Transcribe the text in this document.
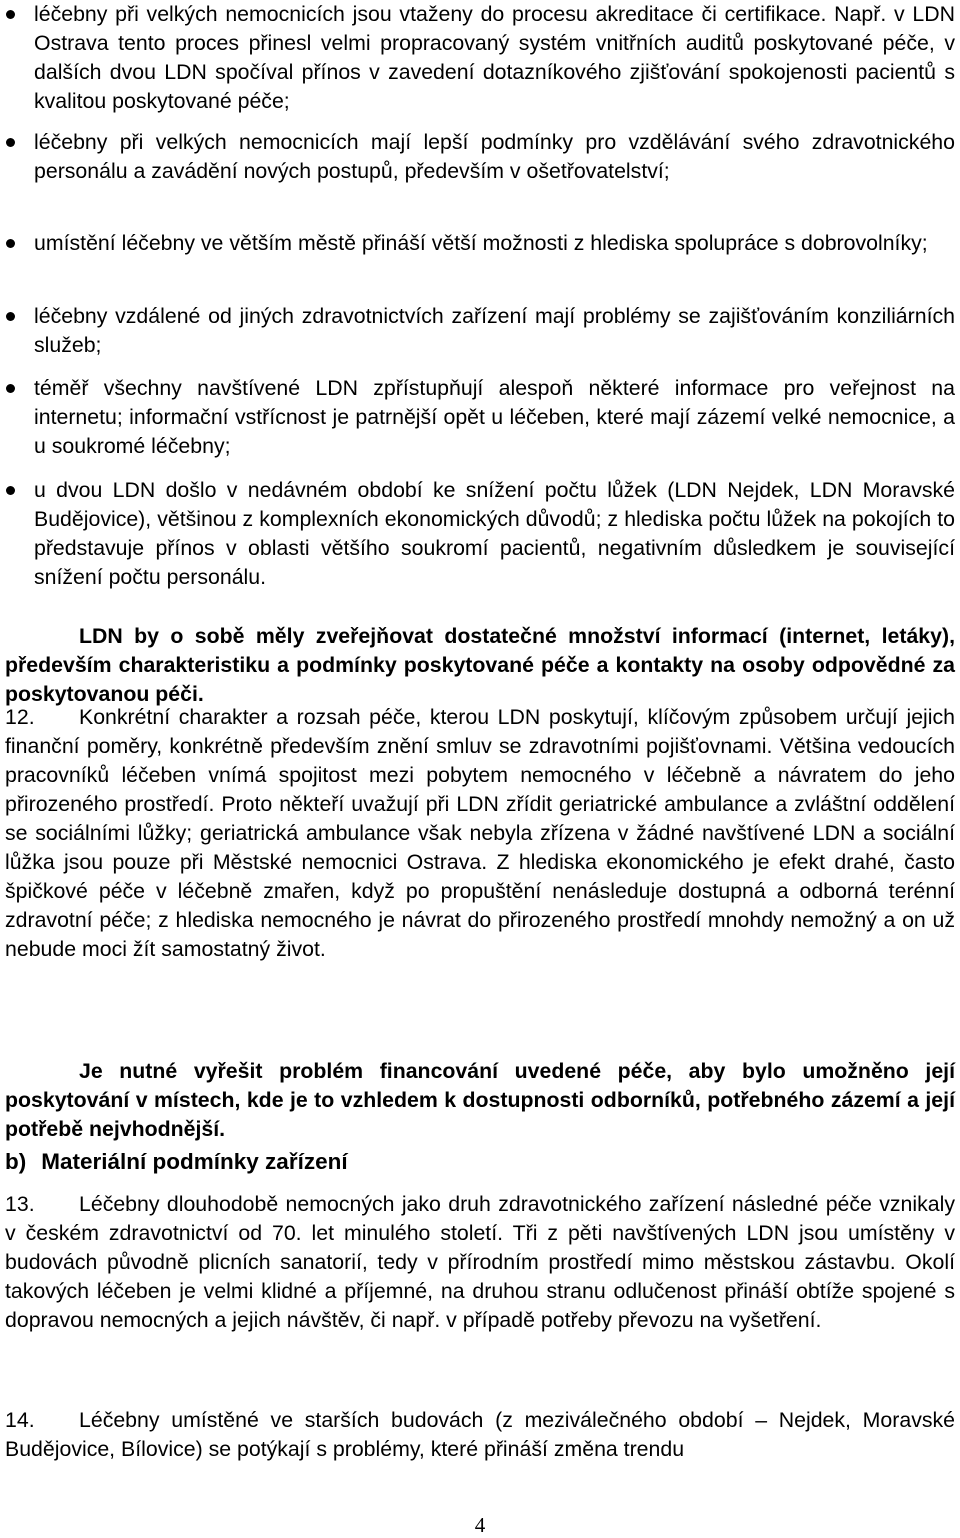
léčebny při velkých nemocnicích jsou vtaženy do procesu akreditace či certifikace. Např. v LDN Ostrava tento proces přinesl velmi propracovaný systém vnitřních auditů poskytované péče, v dalších dvou LDN spočíval přínos v zavedení dotazníkového zjišťování spokojenosti pacientů s kvalitou poskytované péče;
léčebny při velkých nemocnicích mají lepší podmínky pro vzdělávání svého zdravotnického personálu a zavádění nových postupů, především v ošetřovatelství;
umístění léčebny ve větším městě přináší větší možnosti z hlediska spolupráce s dobrovolníky;
léčebny vzdálené od jiných zdravotnictvích zařízení mají problémy se zajišťováním konziliárních služeb;
téměř všechny navštívené LDN zpřístupňují alespoň některé informace pro veřejnost na internetu; informační vstřícnost je patrnější opět u léčeben, které mají zázemí velké nemocnice, a u soukromé léčebny;
u dvou LDN došlo v nedávném období ke snížení počtu lůžek (LDN Nejdek, LDN Moravské Budějovice), většinou z komplexních ekonomických důvodů; z hlediska počtu lůžek na pokojích to představuje přínos v oblasti většího soukromí pacientů, negativním důsledkem je související snížení počtu personálu.

LDN by o sobě měly zveřejňovat dostatečné množství informací (internet, letáky), především charakteristiku a podmínky poskytované péče a kontakty na osoby odpovědné za poskytovanou péči.

12.	Konkrétní charakter a rozsah péče, kterou LDN poskytují, klíčovým způsobem určují jejich finanční poměry, konkrétně především znění smluv se zdravotními pojišťovnami. Většina vedoucích pracovníků léčeben vnímá spojitost mezi pobytem nemocného v léčebně a návratem do jeho přirozeného prostředí. Proto někteří uvažují při LDN zřídit geriatrické ambulance a zvláštní oddělení se sociálními lůžky; geriatrická ambulance však nebyla zřízena v žádné navštívené LDN a sociální lůžka jsou pouze při Městské nemocnici Ostrava. Z hlediska ekonomického je efekt drahé, často špičkové péče v léčebně zmařen, když po propuštění nenásleduje dostupná a odborná terénní zdravotní péče; z hlediska nemocného je návrat do přirozeného prostředí mnohdy nemožný a on už nebude moci žít samostatný život.

Je nutné vyřešit problém financování uvedené péče, aby bylo umožněno její poskytování v místech, kde je to vzhledem k dostupnosti odborníků, potřebného zázemí a její potřebě nejvhodnější.

b) Materiální podmínky zařízení
13.	Léčebny dlouhodobě nemocných jako druh zdravotnického zařízení následné péče vznikaly v českém zdravotnictví od 70. let minulého století. Tři z pěti navštívených LDN jsou umístěny v budovách původně plicních sanatorií, tedy v přírodním prostředí mimo městskou zástavbu. Okolí takových léčeben je velmi klidné a příjemné, na druhou stranu odlučenost přináší obtíže spojené s dopravou nemocných a jejich návštěv, či např. v případě potřeby převozu na vyšetření.
14.	Léčebny umístěné ve starších budovách (z meziválečného období – Nejdek, Moravské Budějovice, Bílovice) se potýkají s problémy, které přináší změna trendu
4
